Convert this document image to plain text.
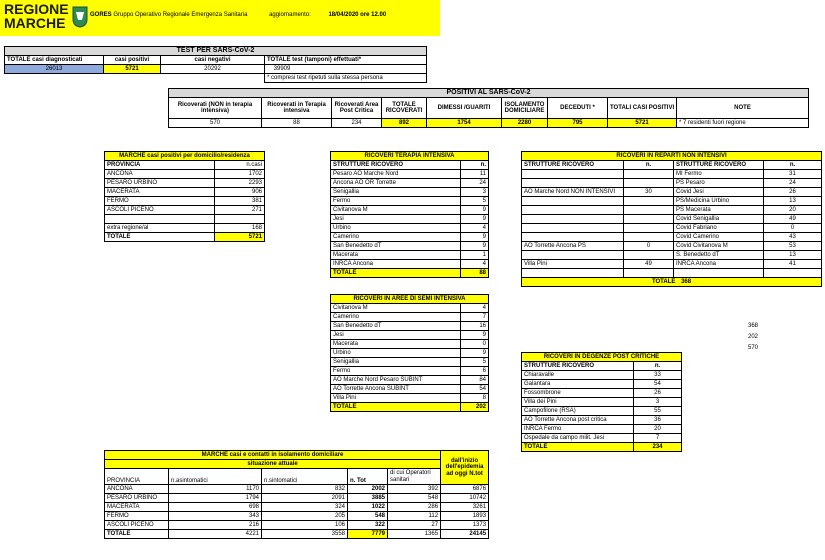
REGIONE
MARCHE	GORES Gruppo Operativo Regionale Emergenza Sanitaria	aggiornamento:	18/04/2020 ore 12.00
TEST PER SARS-CoV-2			
TOTALE casi diagnosticati	casi positivi	casi negativi	TOTALE test (tamponi) effettuati*
26013	5721	20292	39909
			* compresi test ripetuti sulla stessa persona
POSITIVI AL SARS-CoV-2								
Ricoverati (NON in terapia intensiva)	Ricoverati in Terapia intensiva	Ricoverati Area Post Critica	TOTALE RICOVERATI	DIMESSI /GUARITI	ISOLAMENTO DOMICILIARE	DECEDUTI *	TOTALI CASI POSITIVI	NOTE
570	88	234	892	1754	2280	795	5721	* 7 residenti fuori regione
MARCHE casi positivi per domicilio/residenza	
PROVINCIA	n.casi
ANCONA	1702
PESARO URBINO	2293
MACERATA	906
FERMO	381
ASCOLI PICENO	271

extra regione/al	168
TOTALE	5721
RICOVERI TERAPIA INTENSIVA	
STRUTTURE RICOVERO	n.
Pesaro AO Marche Nord	11
Ancona AO OR Torrette	24
Senigallia	3
Fermo	5
Civitanova M	9
Jesi	9
Urbino	4
Camerino	9
San Benedetto dT	9
Macerata	1
INRCA Ancona	4
TOTALE	88
RICOVERI IN AREE DI SEMI INTENSIVA	
Civitanova M	4
Camerino	7
San Benedetto dT	16
Jesi	9
Macerata	0
Urbino	9
Senigallia	5
Fermo	6
AO Marche Nord Pesaro SUBINT	84
AO Torrette Ancona SUBINT	54
Villa Pini	8
TOTALE	202
RICOVERI IN REPARTI NON INTENSIVI			
STRUTTURE RICOVERO	n.	STRUTTURE RICOVERO	n.
		MI Fermo	31
		PS Pesaro	24
AO Marche Nord NON INTENSIVI	30	Covid Jesi	26
		PS/Medicina Urbino	13
		PS Macerata	20
		Covid Senigallia	49
		Covid Fabriano	0
		Covid Camerino	43
AO Torrette Ancona PS	0	Covid Civitanova M	53
		S. Benedetto dT	13
Villa Pini	49	INRCA Ancona	41

TOTALE 368			
368
202
570
RICOVERI IN DEGENZE POST CRITICHE	
STRUTTURE RICOVERO	n.
Chiaravalle	33
Galantara	54
Fossombrone	26
Villa dei Pini	3
Campofilone (RSA)	55
AO Torrette Ancona post critica	36
INRCA Fermo	20
Ospedale da campo milit. Jesi	7
TOTALE	234
MARCHE casi e contatti in isolamento domiciliare					dall'inizio dell'epidemia ad oggi N.tot
situazione attuale					
PROVINCIA	n.asintomatici	n.sintomatici	n. Tot	di cui Operatori sanitari	
ANCONA	1170	832	2002	392	6876
PESARO URBINO	1794	2091	3885	548	10742
MACERATA	698	324	1022	286	3261
FERMO	343	205	548	112	1893
ASCOLI PICENO	216	106	322	27	1373
TOTALE	4221	3558	7779	1365	24145
